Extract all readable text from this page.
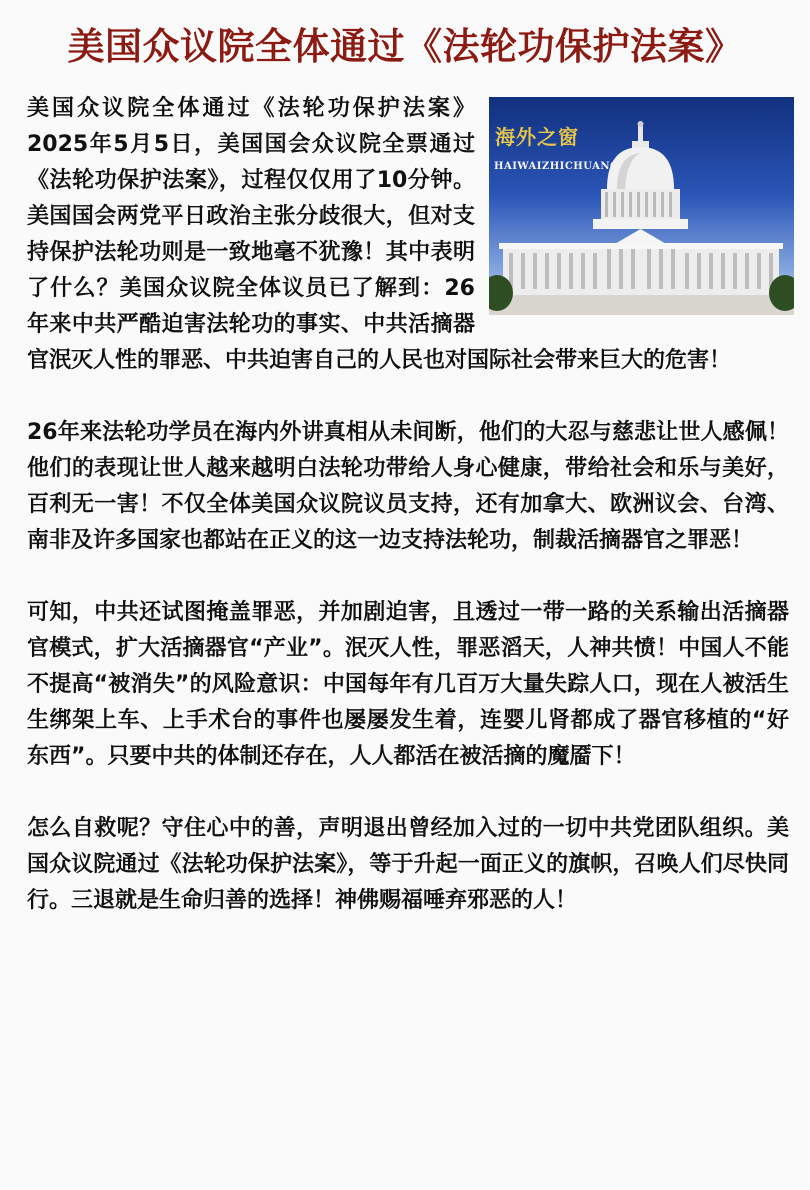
美国众议院全体通过《法轮功保护法案》

海外之窗
HAIWAIZHICHUANG
美国众议院全体通过《法轮功保护法案》2025年5月5日，美国国会众议院全票通过《法轮功保护法案》，过程仅仅用了10分钟。美国国会两党平日政治主张分歧很大，但对支持保护法轮功则是一致地毫不犹豫！其中表明了什么？美国众议院全体议员已了解到：26年来中共严酷迫害法轮功的事实、中共活摘器官泯灭人性的罪恶、中共迫害自己的人民也对国际社会带来巨大的危害！

26年来法轮功学员在海内外讲真相从未间断，他们的大忍与慈悲让世人感佩！他们的表现让世人越来越明白法轮功带给人身心健康，带给社会和乐与美好，百利无一害！不仅全体美国众议院议员支持，还有加拿大、欧洲议会、台湾、南非及许多国家也都站在正义的这一边支持法轮功，制裁活摘器官之罪恶！

可知，中共还试图掩盖罪恶，并加剧迫害，且透过一带一路的关系输出活摘器官模式，扩大活摘器官“产业”。泯灭人性，罪恶滔天，人神共愤！中国人不能不提高“被消失”的风险意识：中国每年有几百万大量失踪人口，现在人被活生生绑架上车、上手术台的事件也屡屡发生着，连婴儿肾都成了器官移植的“好东西”。只要中共的体制还存在，人人都活在被活摘的魔靥下！

怎么自救呢？守住心中的善，声明退出曾经加入过的一切中共党团队组织。美国众议院通过《法轮功保护法案》，等于升起一面正义的旗帜，召唤人们尽快同行。三退就是生命归善的选择！神佛赐福唾弃邪恶的人！
